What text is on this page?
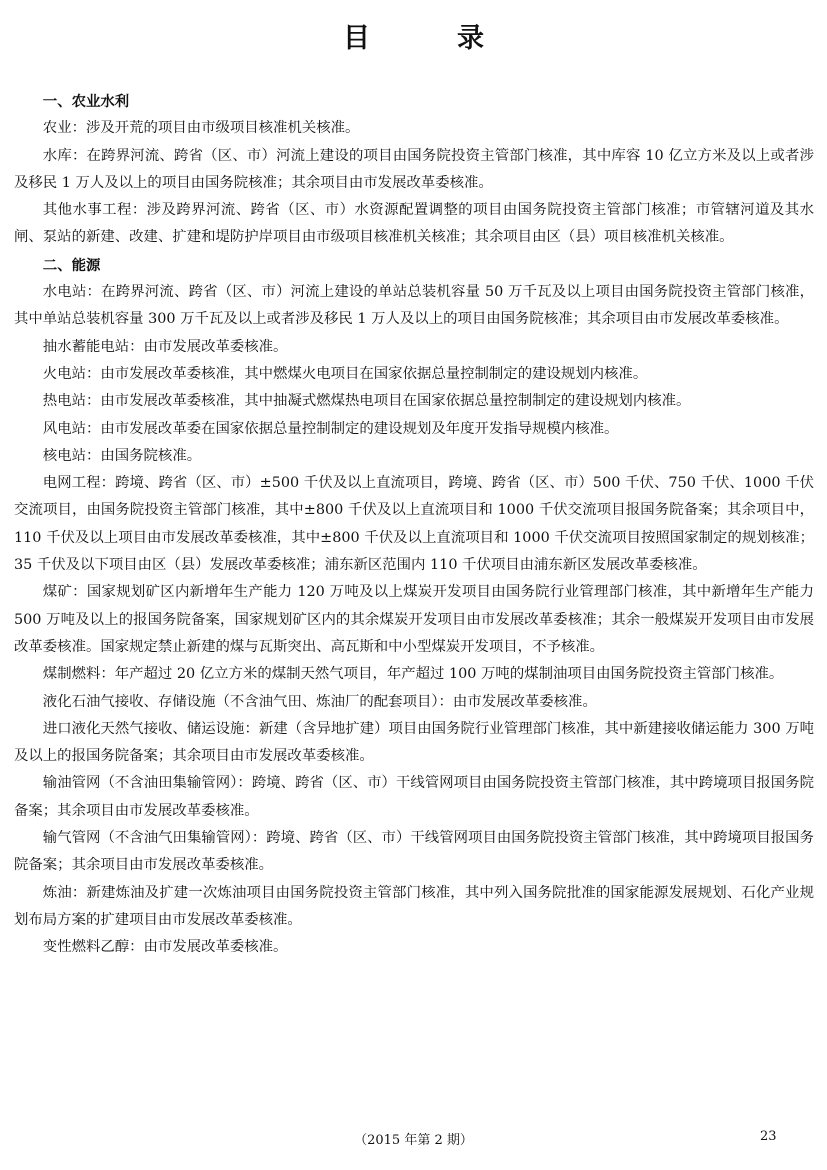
目　录

一、农业水利

农业：涉及开荒的项目由市级项目核准机关核准。

水库：在跨界河流、跨省（区、市）河流上建设的项目由国务院投资主管部门核准，其中库容 10 亿立方米及以上或者涉及移民 1 万人及以上的项目由国务院核准；其余项目由市发展改革委核准。

其他水事工程：涉及跨界河流、跨省（区、市）水资源配置调整的项目由国务院投资主管部门核准；市管辖河道及其水闸、泵站的新建、改建、扩建和堤防护岸项目由市级项目核准机关核准；其余项目由区（县）项目核准机关核准。

二、能源

水电站：在跨界河流、跨省（区、市）河流上建设的单站总装机容量 50 万千瓦及以上项目由国务院投资主管部门核准，其中单站总装机容量 300 万千瓦及以上或者涉及移民 1 万人及以上的项目由国务院核准；其余项目由市发展改革委核准。

抽水蓄能电站：由市发展改革委核准。

火电站：由市发展改革委核准，其中燃煤火电项目在国家依据总量控制制定的建设规划内核准。

热电站：由市发展改革委核准，其中抽凝式燃煤热电项目在国家依据总量控制制定的建设规划内核准。

风电站：由市发展改革委在国家依据总量控制制定的建设规划及年度开发指导规模内核准。

核电站：由国务院核准。

电网工程：跨境、跨省（区、市）±500 千伏及以上直流项目，跨境、跨省（区、市）500 千伏、750 千伏、1000 千伏交流项目，由国务院投资主管部门核准，其中±800 千伏及以上直流项目和 1000 千伏交流项目报国务院备案；其余项目中，110 千伏及以上项目由市发展改革委核准，其中±800 千伏及以上直流项目和 1000 千伏交流项目按照国家制定的规划核准；35 千伏及以下项目由区（县）发展改革委核准；浦东新区范围内 110 千伏项目由浦东新区发展改革委核准。

煤矿：国家规划矿区内新增年生产能力 120 万吨及以上煤炭开发项目由国务院行业管理部门核准，其中新增年生产能力 500 万吨及以上的报国务院备案，国家规划矿区内的其余煤炭开发项目由市发展改革委核准；其余一般煤炭开发项目由市发展改革委核准。国家规定禁止新建的煤与瓦斯突出、高瓦斯和中小型煤炭开发项目，不予核准。

煤制燃料：年产超过 20 亿立方米的煤制天然气项目，年产超过 100 万吨的煤制油项目由国务院投资主管部门核准。

液化石油气接收、存储设施（不含油气田、炼油厂的配套项目）：由市发展改革委核准。

进口液化天然气接收、储运设施：新建（含异地扩建）项目由国务院行业管理部门核准，其中新建接收储运能力 300 万吨及以上的报国务院备案；其余项目由市发展改革委核准。

输油管网（不含油田集输管网）：跨境、跨省（区、市）干线管网项目由国务院投资主管部门核准，其中跨境项目报国务院备案；其余项目由市发展改革委核准。

输气管网（不含油气田集输管网）：跨境、跨省（区、市）干线管网项目由国务院投资主管部门核准，其中跨境项目报国务院备案；其余项目由市发展改革委核准。

炼油：新建炼油及扩建一次炼油项目由国务院投资主管部门核准，其中列入国务院批准的国家能源发展规划、石化产业规划布局方案的扩建项目由市发展改革委核准。

变性燃料乙醇：由市发展改革委核准。

（2015 年第 2 期）	23
